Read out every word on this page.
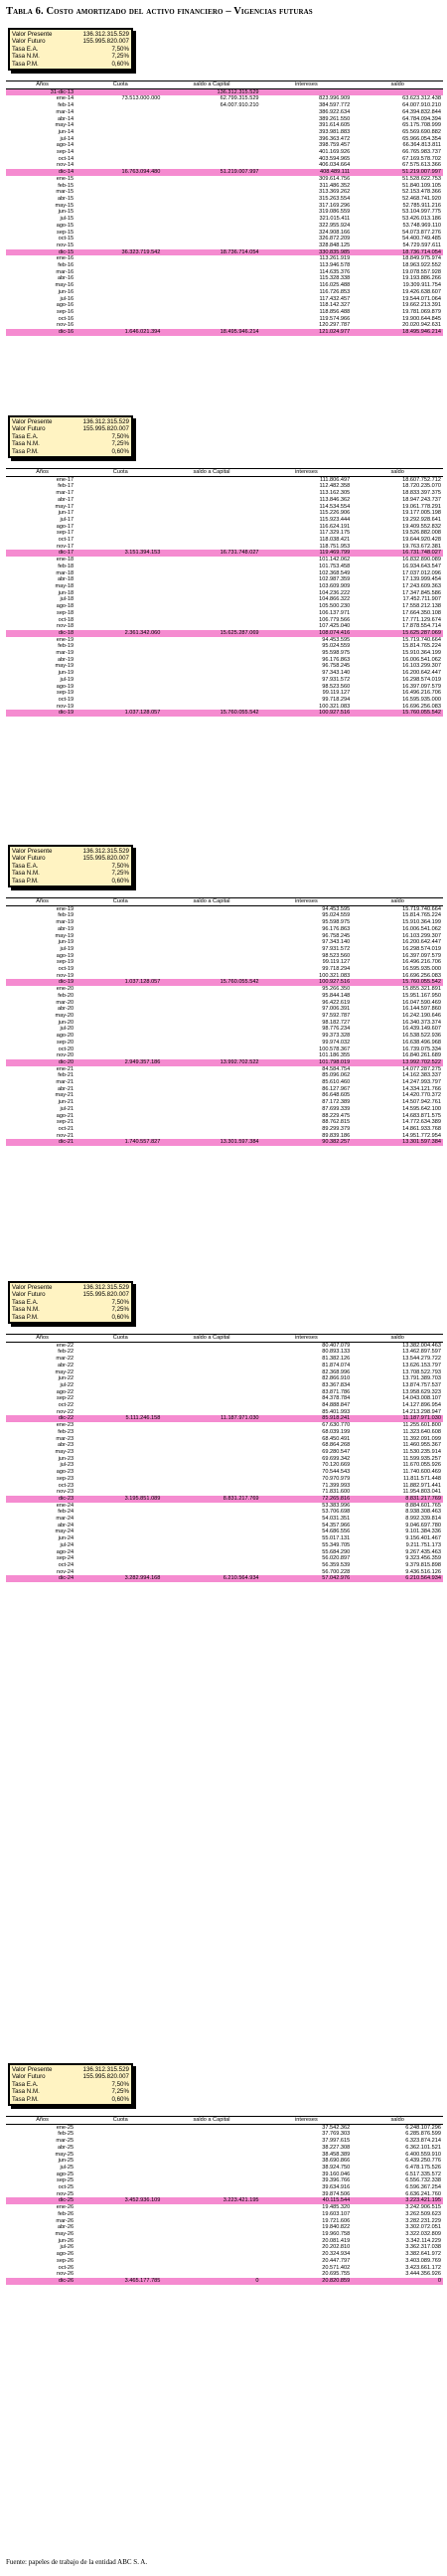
Tabla 6. Costo amortizado del activo financiero – Vigencias futuras
Valor Presente	136.312.315.529
Valor Futuro	155.995.820.007
Tasa E.A.	7,50%
Tasa N.M.	7,25%
Tasa P.M.	0,60%
Años	Cuota	saldo a Capital	intereses	saldo
31-dic-13		136.312.315.529		
ene-14	73.513.000.000	62.799.315.529	823.996.909	63.623.312.438
feb-14		64.007.910.210	384.597.772	64.007.910.210
mar-14			386.922.634	64.394.832.844
abr-14			389.261.550	64.784.094.394
may-14			391.614.605	65.175.708.999
jun-14			393.981.883	65.569.690.882
jul-14			396.363.472	65.966.054.354
ago-14			398.759.457	66.364.813.811
sep-14			401.169.926	66.765.983.737
oct-14			403.594.965	67.169.578.702
nov-14			406.034.664	67.575.613.366
dic-14	16.763.094.480	51.219.007.997	408.489.111	51.219.007.997
ene-15			309.614.756	51.528.622.753
feb-15			311.486.352	51.840.109.105
mar-15			313.369.262	52.153.478.366
abr-15			315.263.554	52.468.741.920
may-15			317.169.296	52.785.911.216
jun-15			319.086.559	53.104.997.775
jul-15			321.015.411	53.426.013.186
ago-15			322.955.924	53.748.969.110
sep-15			324.908.166	54.073.877.276
oct-15			326.872.209	54.400.749.485
nov-15			328.848.125	54.729.597.611
dic-15	36.323.719.542	18.736.714.054	330.835.985	18.736.714.054
ene-16			113.261.919	18.849.975.974
feb-16			113.946.578	18.963.922.552
mar-16			114.635.376	19.078.557.928
abr-16			115.328.338	19.193.886.266
may-16			116.025.488	19.309.911.754
jun-16			116.726.853	19.426.638.607
jul-16			117.432.457	19.544.071.064
ago-16			118.142.327	19.662.213.391
sep-16			118.856.488	19.781.069.879
oct-16			119.574.966	19.900.644.845
nov-16			120.297.787	20.020.942.631
dic-16	1.646.021.394	18.495.946.214	121.024.977	18.495.946.214
Valor Presente	136.312.315.529
Valor Futuro	155.995.820.007
Tasa E.A.	7,50%
Tasa N.M.	7,25%
Tasa P.M.	0,60%
Años	Cuota	saldo a Capital	intereses	saldo
ene-17			111.806.497	18.607.752.712
feb-17			112.482.358	18.720.235.070
mar-17			113.162.305	18.833.397.375
abr-17			113.846.362	18.947.243.737
may-17			114.534.554	19.061.778.291
jun-17			115.226.906	19.177.005.198
jul-17			115.923.444	19.292.928.641
ago-17			116.624.191	19.409.552.832
sep-17			117.329.175	19.526.882.008
oct-17			118.038.421	19.644.920.428
nov-17			118.751.953	19.763.672.381
dic-17	3.151.394.153	16.731.748.027	119.469.799	16.731.748.027
ene-18			101.142.062	16.832.890.089
feb-18			101.753.458	16.934.643.547
mar-18			102.368.549	17.037.012.096
abr-18			102.987.359	17.139.999.454
may-18			103.609.909	17.243.609.363
jun-18			104.236.222	17.347.845.586
jul-18			104.866.322	17.452.711.907
ago-18			105.500.230	17.558.212.138
sep-18			106.137.971	17.664.350.108
oct-18			106.779.566	17.771.129.674
nov-18			107.425.040	17.878.554.714
dic-18	2.361.342.060	15.625.287.069	108.074.416	15.625.287.069
ene-19			94.453.595	15.719.740.664
feb-19			95.024.559	15.814.765.224
mar-19			95.598.975	15.910.364.199
abr-19			96.176.863	16.006.541.062
may-19			96.758.245	16.103.299.307
jun-19			97.343.140	16.200.642.447
jul-19			97.931.572	16.298.574.019
ago-19			98.523.560	16.397.097.579
sep-19			99.119.127	16.496.216.706
oct-19			99.718.294	16.595.935.000
nov-19			100.321.083	16.696.256.083
dic-19	1.037.128.057	15.760.055.542	100.927.516	15.760.055.542
Valor Presente	136.312.315.529
Valor Futuro	155.995.820.007
Tasa E.A.	7,50%
Tasa N.M.	7,25%
Tasa P.M.	0,60%
Años	Cuota	saldo a Capital	intereses	saldo
ene-19			94.453.595	15.719.740.664
feb-19			95.024.559	15.814.765.224
mar-19			95.598.975	15.910.364.199
abr-19			96.176.863	16.006.541.062
may-19			96.758.245	16.103.299.307
jun-19			97.343.140	16.200.642.447
jul-19			97.931.572	16.298.574.019
ago-19			98.523.560	16.397.097.579
sep-19			99.119.127	16.496.216.706
oct-19			99.718.294	16.595.935.000
nov-19			100.321.083	16.696.256.083
dic-19	1.037.128.057	15.760.055.542	100.927.516	15.760.055.542
ene-20			95.266.350	15.855.321.891
feb-20			95.844.148	15.951.167.950
mar-20			96.422.619	16.047.590.469
abr-20			97.006.391	16.144.597.860
may-20			97.592.787	16.242.190.646
jun-20			98.182.727	16.340.373.374
jul-20			98.776.234	16.439.149.607
ago-20			99.373.328	16.538.522.936
sep-20			99.974.032	16.638.496.968
oct-20			100.578.367	16.739.075.334
nov-20			101.186.355	16.840.261.689
dic-20	2.949.357.186	13.992.702.522	101.798.019	13.992.702.522
ene-21			84.584.754	14.077.287.275
feb-21			85.096.062	14.162.383.337
mar-21			85.610.460	14.247.993.797
abr-21			86.127.967	14.334.121.766
may-21			86.648.605	14.420.770.372
jun-21			87.172.389	14.507.942.761
jul-21			87.699.339	14.595.642.100
ago-21			88.229.475	14.683.871.575
sep-21			88.762.815	14.772.634.389
oct-21			89.299.379	14.861.933.768
nov-21			89.839.186	14.951.772.954
dic-21	1.740.557.827	13.301.597.384	90.382.257	13.301.597.384
Valor Presente	136.312.315.529
Valor Futuro	155.995.820.007
Tasa E.A.	7,50%
Tasa N.M.	7,25%
Tasa P.M.	0,60%
Años	Cuota	saldo a Capital	intereses	saldo
ene-22			80.407.079	13.382.004.463
feb-22			80.893.133	13.462.897.597
mar-22			81.382.126	13.544.279.722
abr-22			81.874.074	13.626.153.797
may-22			82.368.996	13.708.522.793
jun-22			82.866.910	13.791.389.703
jul-22			83.367.834	13.874.757.537
ago-22			83.871.786	13.958.629.323
sep-22			84.378.784	14.043.008.107
oct-22			84.888.847	14.127.896.954
nov-22			85.401.993	14.213.298.947
dic-22	5.111.246.158	11.187.971.030	85.918.241	11.187.971.030
ene-23			67.630.770	11.255.601.800
feb-23			68.039.199	11.323.640.608
mar-23			68.450.491	11.392.091.099
abr-23			68.864.268	11.460.955.367
may-23			69.280.547	11.530.235.914
jun-23			69.699.342	11.599.935.257
jul-23			70.120.669	11.670.055.926
ago-23			70.544.543	11.740.600.469
sep-23			70.970.979	11.811.571.448
oct-23			71.399.993	11.882.971.441
nov-23			71.831.600	11.954.803.041
dic-23	3.195.851.089	8.831.217.769	72.265.816	8.831.217.769
ene-24			53.383.996	8.884.601.765
feb-24			53.706.698	8.938.308.463
mar-24			54.031.351	8.992.339.814
abr-24			54.357.966	9.046.697.780
may-24			54.686.556	9.101.384.336
jun-24			55.017.131	9.156.401.467
jul-24			55.349.705	9.211.751.173
ago-24			55.684.290	9.267.435.463
sep-24			56.020.897	9.323.456.359
oct-24			56.359.539	9.379.815.898
nov-24			56.700.228	9.436.516.126
dic-24	3.282.994.168	6.210.564.934	57.042.976	6.210.564.934
Valor Presente	136.312.315.529
Valor Futuro	155.995.820.007
Tasa E.A.	7,50%
Tasa N.M.	7,25%
Tasa P.M.	0,60%
Años	Cuota	saldo a Capital	intereses	saldo
ene-25			37.542.362	6.248.107.296
feb-25			37.769.303	6.285.876.599
mar-25			37.997.615	6.323.874.214
abr-25			38.227.308	6.362.101.521
may-25			38.458.389	6.400.559.910
jun-25			38.690.866	6.439.250.776
jul-25			38.924.750	6.478.175.526
ago-25			39.160.046	6.517.335.572
sep-25			39.396.766	6.556.732.338
oct-25			39.634.916	6.596.367.254
nov-25			39.874.506	6.636.241.760
dic-25	3.452.936.109	3.223.421.195	40.115.544	3.223.421.195
ene-26			19.485.320	3.242.906.515
feb-26			19.603.107	3.262.509.623
mar-26			19.721.606	3.282.231.229
abr-26			19.840.822	3.302.072.051
may-26			19.960.758	3.322.032.809
jun-26			20.081.419	3.342.114.229
jul-26			20.202.810	3.362.317.038
ago-26			20.324.934	3.382.641.972
sep-26			20.447.797	3.403.089.769
oct-26			20.571.402	3.423.661.172
nov-26			20.695.755	3.444.356.926
dic-26	3.465.177.785	0	20.820.859	0
Fuente: papeles de trabajo de la entidad ABC S. A.
